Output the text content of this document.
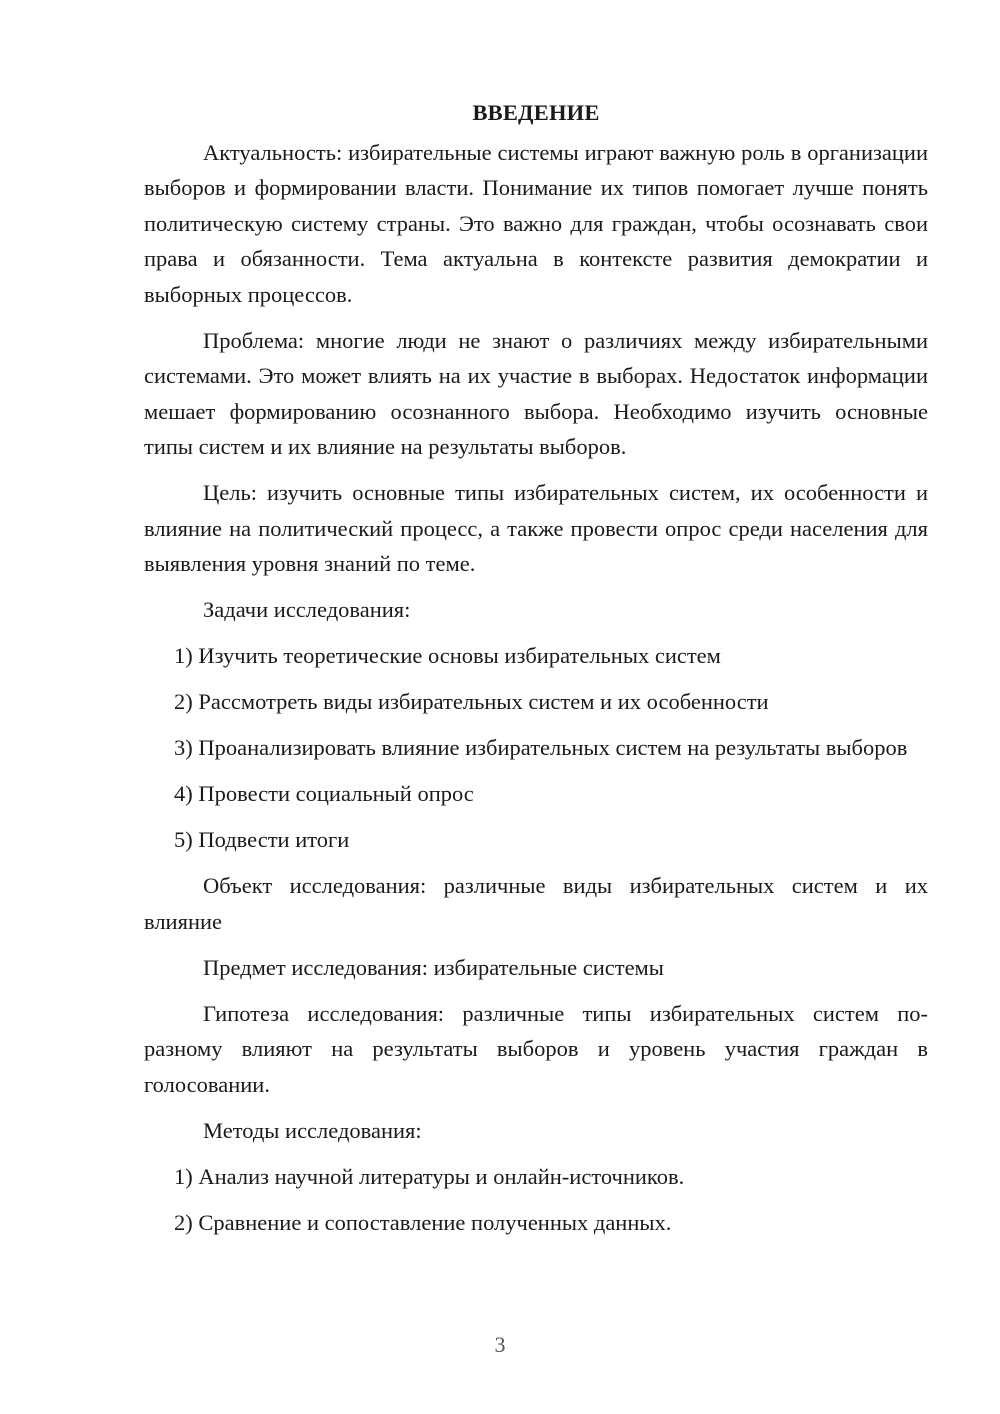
ВВЕДЕНИЕ

Актуальность: избирательные системы играют важную роль в организации выборов и формировании власти. Понимание их типов помогает лучше понять политическую систему страны. Это важно для граждан, чтобы осознавать свои права и обязанности. Тема актуальна в контексте развития демократии и выборных процессов.

Проблема: многие люди не знают о различиях между избирательными системами. Это может влиять на их участие в выборах. Недостаток информации мешает формированию осознанного выбора. Необходимо изучить основные типы систем и их влияние на результаты выборов.

Цель: изучить основные типы избирательных систем, их особенности и влияние на политический процесс, а также провести опрос среди населения для выявления уровня знаний по теме.

Задачи исследования:

1) Изучить теоретические основы избирательных систем

2) Рассмотреть виды избирательных систем и их особенности

3) Проанализировать влияние избирательных систем на результаты выборов

4) Провести социальный опрос

5) Подвести итоги

Объект исследования: различные виды избирательных систем и их влияние

Предмет исследования: избирательные системы

Гипотеза исследования: различные типы избирательных систем по-разному влияют на результаты выборов и уровень участия граждан в голосовании.

Методы исследования:

1) Анализ научной литературы и онлайн-источников.

2) Сравнение и сопоставление полученных данных.

3
